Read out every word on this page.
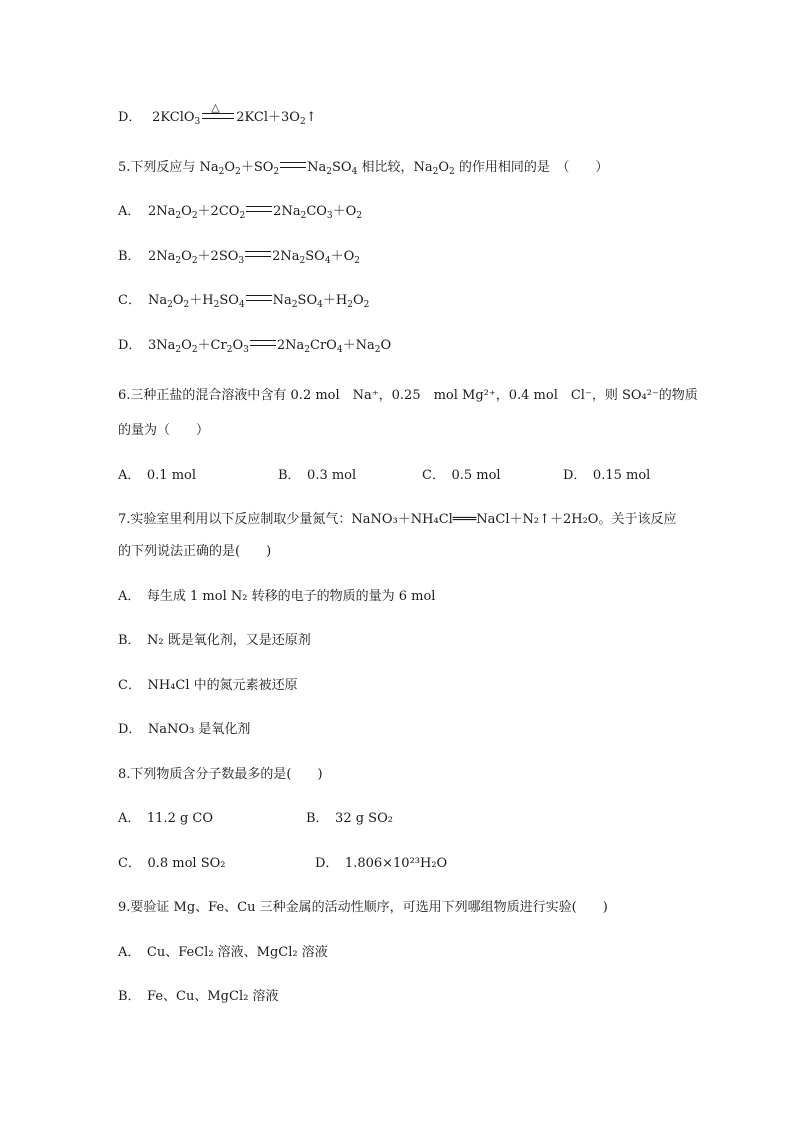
D． 2KClO$_3$
△
$2KCl+3O_2↑$
5.下列反应与 $Na_2O_2+SO_2$ $Na_2SO_4$ 相比较，$Na_2O_2$ 的作用相同的是　（　　）
A． $2Na_2O_2+2CO_2$ $2Na_2CO_3+O_2$
B． $2Na_2O_2+2SO_3$ $2Na_2SO_4+O_2$
C． $Na_2O_2+H_2SO_4$ $Na_2SO_4+H_2O_2$
D． $3Na_2O_2+Cr_2O_3$ $2Na_2CrO_4+Na_2O$
6.三种正盐的混合溶液中含有 0.2 mol　Na⁺，0.25　mol Mg²⁺，0.4 mol　Cl⁻，则 SO₄²⁻的物质
的量为（　　）
A．　0.1 mol	B．　0.3 mol	C．　0.5 mol	D．　0.15 mol
7.实验室里利用以下反应制取少量氮气：NaNO₃＋NH₄Cl═══NaCl＋N₂↑＋2H₂O。关于该反应
的下列说法正确的是(　　)
A．　每生成 1 mol N₂ 转移的电子的物质的量为 6 mol
B．　N₂ 既是氧化剂，又是还原剂
C．　NH₄Cl 中的氮元素被还原
D．　NaNO₃ 是氧化剂
8.下列物质含分子数最多的是(　　)
A．　11.2 g CO	B．　32 g SO₂
C．　0.8 mol SO₂	D．　1.806×10²³H₂O
9.要验证 Mg、Fe、Cu 三种金属的活动性顺序，可选用下列哪组物质进行实验(　　)
A．　Cu、FeCl₂ 溶液、MgCl₂ 溶液
B．　Fe、Cu、MgCl₂ 溶液
